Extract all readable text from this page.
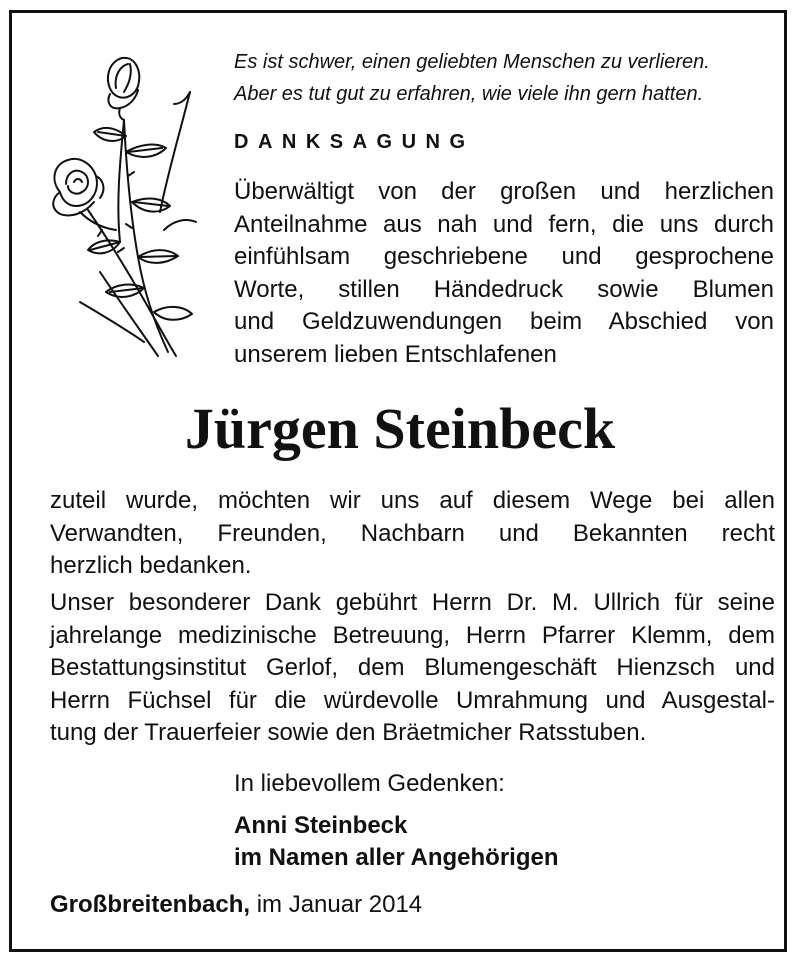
Es ist schwer, einen geliebten Menschen zu verlieren.
Aber es tut gut zu erfahren, wie viele ihn gern hatten.
DANKSAGUNG
Überwältigt von der großen und herzlichen
Anteilnahme aus nah und fern, die uns durch
einfühlsam geschriebene und gesprochene
Worte, stillen Händedruck sowie Blumen
und Geldzuwendungen beim Abschied von
unserem lieben Entschlafenen
Jürgen Steinbeck
zuteil wurde, möchten wir uns auf diesem Wege bei allen
Verwandten, Freunden, Nachbarn und Bekannten recht
herzlich bedanken.
Unser besonderer Dank gebührt Herrn Dr. M. Ullrich für seine
jahrelange medizinische Betreuung, Herrn Pfarrer Klemm, dem
Bestattungsinstitut Gerlof, dem Blumengeschäft Hienzsch und
Herrn Füchsel für die würdevolle Umrahmung und Ausgestal-
tung der Trauerfeier sowie den Bräetmicher Ratsstuben.
In liebevollem Gedenken:
Anni Steinbeck
im Namen aller Angehörigen
Großbreitenbach, im Januar 2014
